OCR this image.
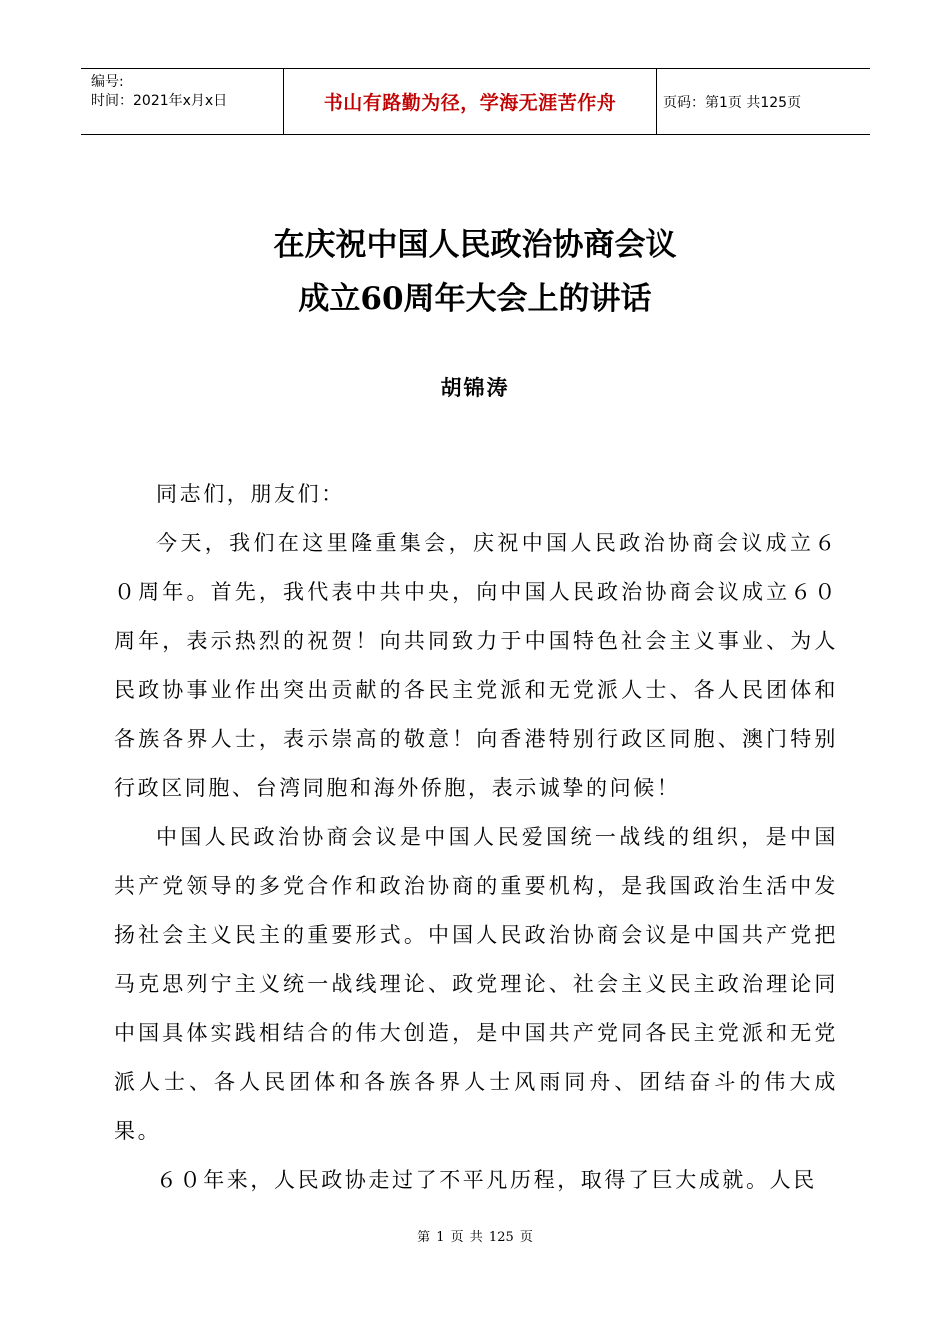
编号:
时间：2021年x月x日	书山有路勤为径，学海无涯苦作舟	页码：第1页 共125页
在庆祝中国人民政治协商会议
成立60周年大会上的讲话
胡锦涛

同志们，朋友们：

今天，我们在这里隆重集会，庆祝中国人民政治协商会议成立６０周年。首先，我代表中共中央，向中国人民政治协商会议成立６０周年，表示热烈的祝贺！向共同致力于中国特色社会主义事业、为人民政协事业作出突出贡献的各民主党派和无党派人士、各人民团体和各族各界人士，表示崇高的敬意！向香港特别行政区同胞、澳门特别行政区同胞、台湾同胞和海外侨胞，表示诚挚的问候！

中国人民政治协商会议是中国人民爱国统一战线的组织，是中国共产党领导的多党合作和政治协商的重要机构，是我国政治生活中发扬社会主义民主的重要形式。中国人民政治协商会议是中国共产党把马克思列宁主义统一战线理论、政党理论、社会主义民主政治理论同中国具体实践相结合的伟大创造，是中国共产党同各民主党派和无党派人士、各人民团体和各族各界人士风雨同舟、团结奋斗的伟大成果。

６０年来，人民政协走过了不平凡历程，取得了巨大成就。人民

第 1 页 共 125 页
